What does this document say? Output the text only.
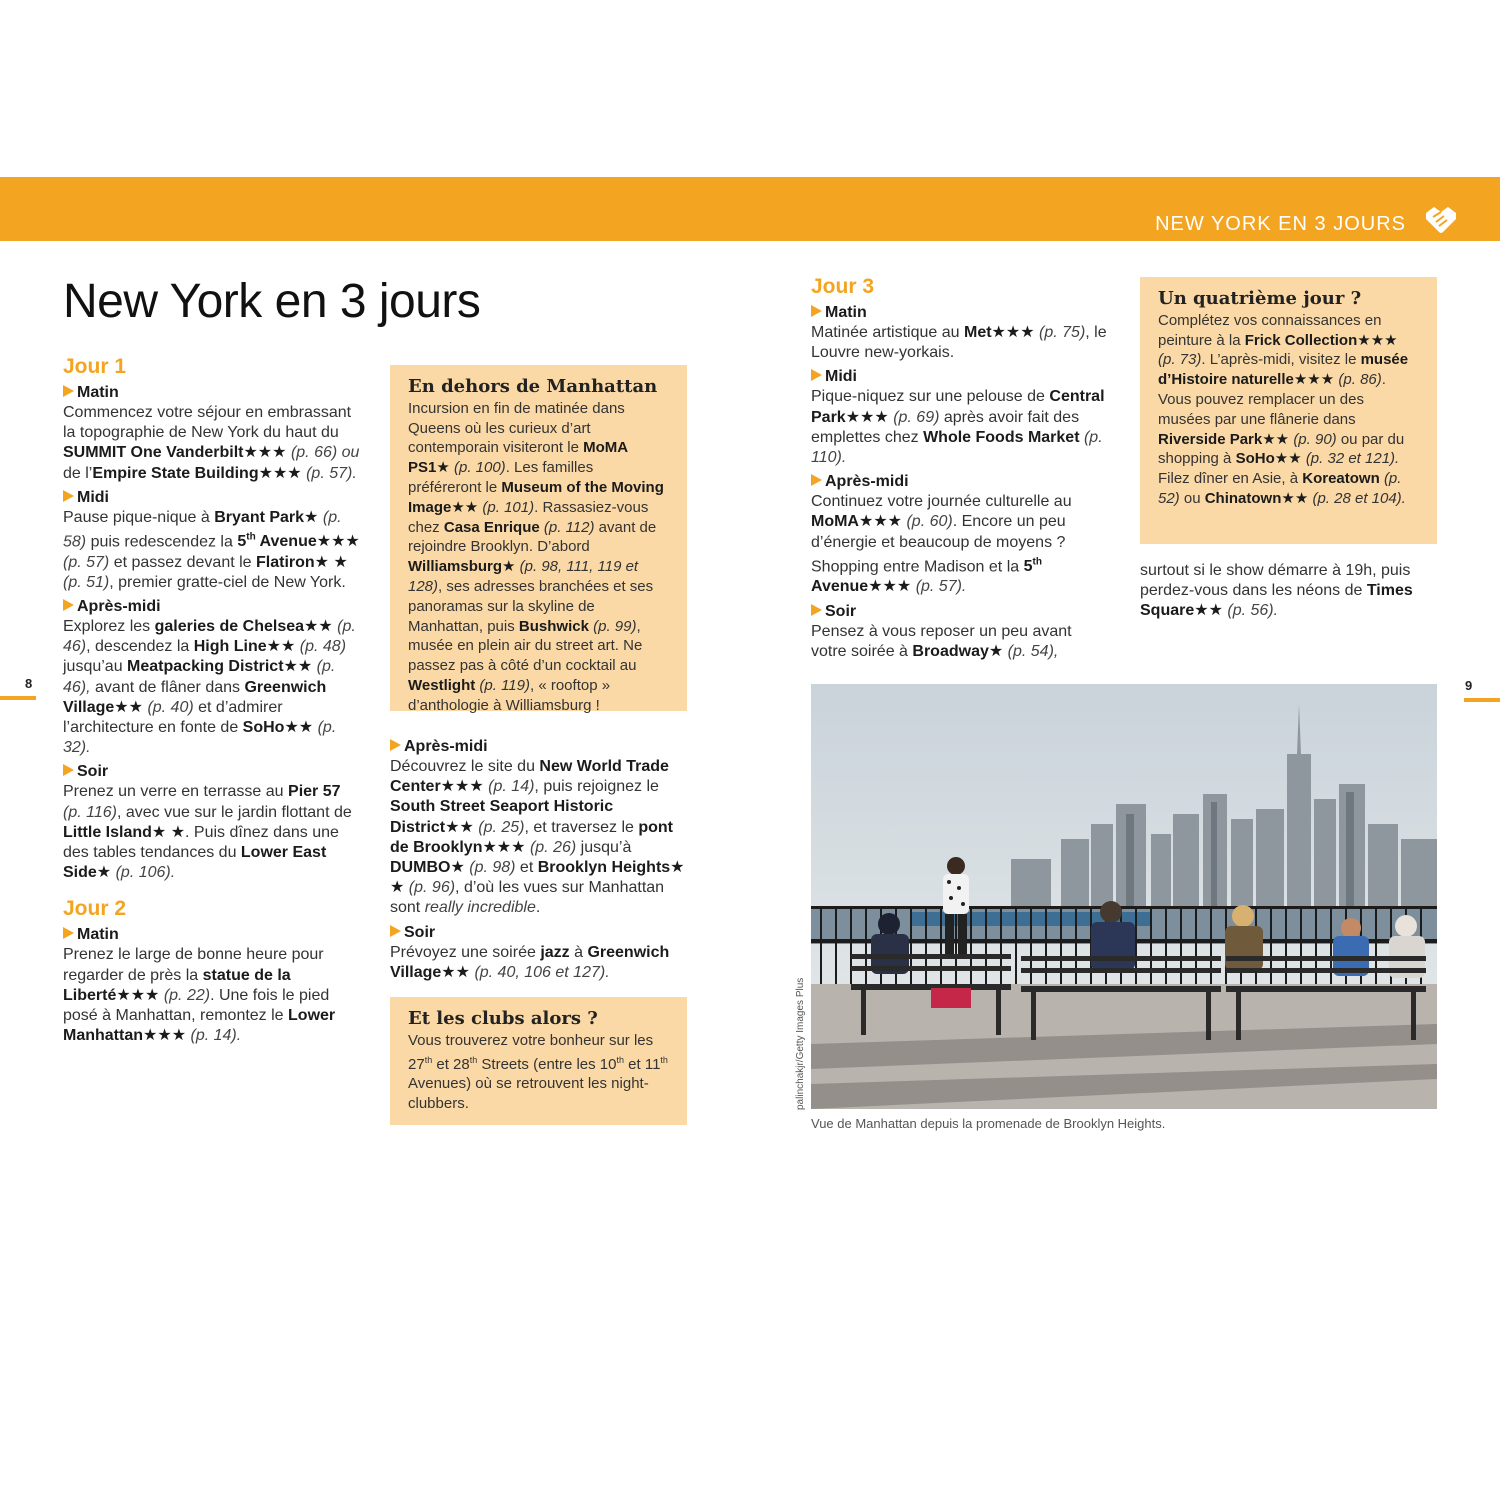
NEW YORK EN 3 JOURS
8	9
New York en 3 jours
Jour 1
Matin

Commencez votre séjour en embrassant la topographie de New York du haut du SUMMIT One Vanderbilt★★★ (p. 66) ou de l’Empire State Building★★★ (p. 57).

Midi

Pause pique-nique à Bryant Park★ (p. 58) puis redescendez la 5th Avenue★★★ (p. 57) et passez devant le Flatiron★ ★ (p. 51), premier gratte-ciel de New York.

Après-midi

Explorez les galeries de Chelsea★★ (p. 46), descendez la High Line★★ (p. 48) jusqu’au Meatpacking District★★ (p. 46), avant de flâner dans Greenwich Village★★ (p. 40) et d’admirer l’architecture en fonte de SoHo★★ (p. 32).

Soir

Prenez un verre en terrasse au Pier 57 (p. 116), avec vue sur le jardin flottant de Little Island★ ★. Puis dînez dans une des tables tendances du Lower East Side★ (p. 106).

Jour 2
Matin

Prenez le large de bonne heure pour regarder de près la statue de la Liberté★★★ (p. 22). Une fois le pied posé à Manhattan, remontez le Lower Manhattan★★★ (p. 14).

En dehors de Manhattan
Incursion en fin de matinée dans Queens où les curieux d’art contemporain visiteront le MoMA PS1★ (p. 100). Les familles préféreront le Museum of the Moving Image★★ (p. 101). Rassasiez-vous chez Casa Enrique (p. 112) avant de rejoindre Brooklyn. D’abord Williamsburg★ (p. 98, 111, 119 et 128), ses adresses branchées et ses panoramas sur la skyline de Manhattan, puis Bushwick (p. 99), musée en plein air du street art. Ne passez pas à côté d’un cocktail au Westlight (p. 119), « rooftop » d’anthologie à Williamsburg !
Après-midi

Découvrez le site du New World Trade Center★★★ (p. 14), puis rejoignez le South Street Seaport Historic District★★ (p. 25), et traversez le pont de Brooklyn★★★ (p. 26) jusqu’à DUMBO★ (p. 98) et Brooklyn Heights★ ★ (p. 96), d’où les vues sur Manhattan sont really incredible.

Soir

Prévoyez une soirée jazz à Greenwich Village★★ (p. 40, 106 et 127).

Et les clubs alors ?
Vous trouverez votre bonheur sur les 27th et 28th Streets (entre les 10th et 11th Avenues) où se retrouvent les night-clubbers.
Jour 3
Matin

Matinée artistique au Met★★★ (p. 75), le Louvre new-yorkais.

Midi

Pique-niquez sur une pelouse de Central Park★★★ (p. 69) après avoir fait des emplettes chez Whole Foods Market (p. 110).

Après-midi

Continuez votre journée culturelle au MoMA★★★ (p. 60). Encore un peu d’énergie et beaucoup de moyens ? Shopping entre Madison et la 5th Avenue★★★ (p. 57).

Soir

Pensez à vous reposer un peu avant votre soirée à Broadway★ (p. 54),

Un quatrième jour ?
Complétez vos connaissances en peinture à la Frick Collection★★★ (p. 73). L’après-midi, visitez le musée d’Histoire naturelle★★★ (p. 86). Vous pouvez remplacer un des musées par une flânerie dans Riverside Park★★ (p. 90) ou par du shopping à SoHo★★ (p. 32 et 121). Filez dîner en Asie, à Koreatown (p. 52) ou Chinatown★★ (p. 28 et 104).

surtout si le show démarre à 19h, puis perdez-vous dans les néons de Times Square★★ (p. 56).

palinchakjr/Getty Images Plus
Vue de Manhattan depuis la promenade de Brooklyn Heights.
